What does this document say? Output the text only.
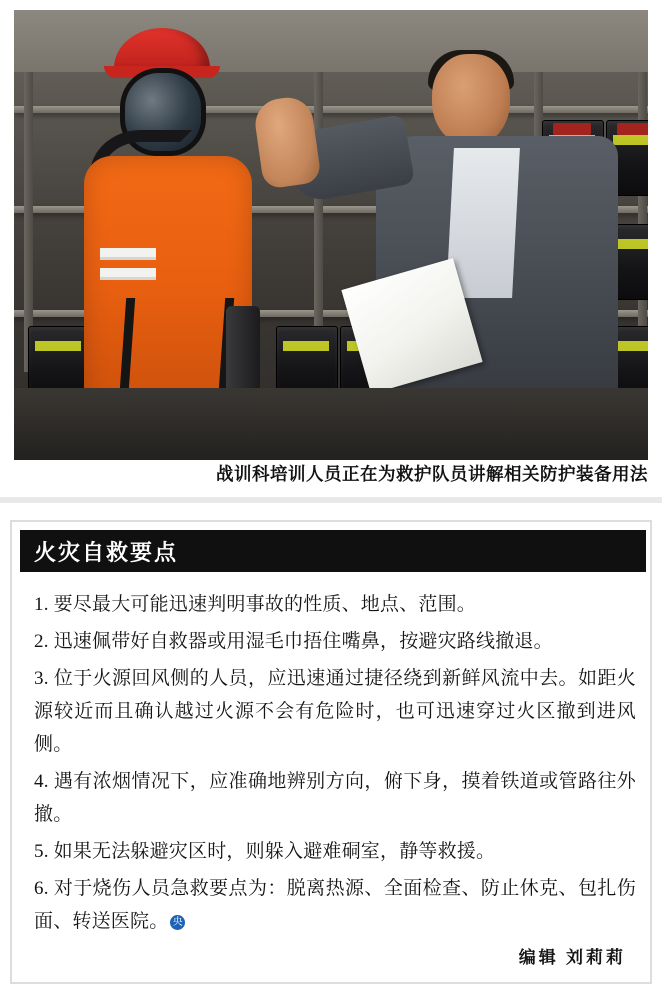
战训科培训人员正在为救护队员讲解相关防护装备用法
火灾自救要点

1. 要尽最大可能迅速判明事故的性质、地点、范围。

2. 迅速佩带好自救器或用湿毛巾捂住嘴鼻，按避灾路线撤退。

3. 位于火源回风侧的人员，应迅速通过捷径绕到新鲜风流中去。如距火源较近而且确认越过火源不会有危险时，也可迅速穿过火区撤到进风侧。

4. 遇有浓烟情况下，应准确地辨别方向，俯下身，摸着铁道或管路往外撤。

5. 如果无法躲避灾区时，则躲入避难硐室，静等救援。

6. 对于烧伤人员急救要点为：脱离热源、全面检查、防止休克、包扎伤面、转送医院。 央

编辑 刘莉莉
